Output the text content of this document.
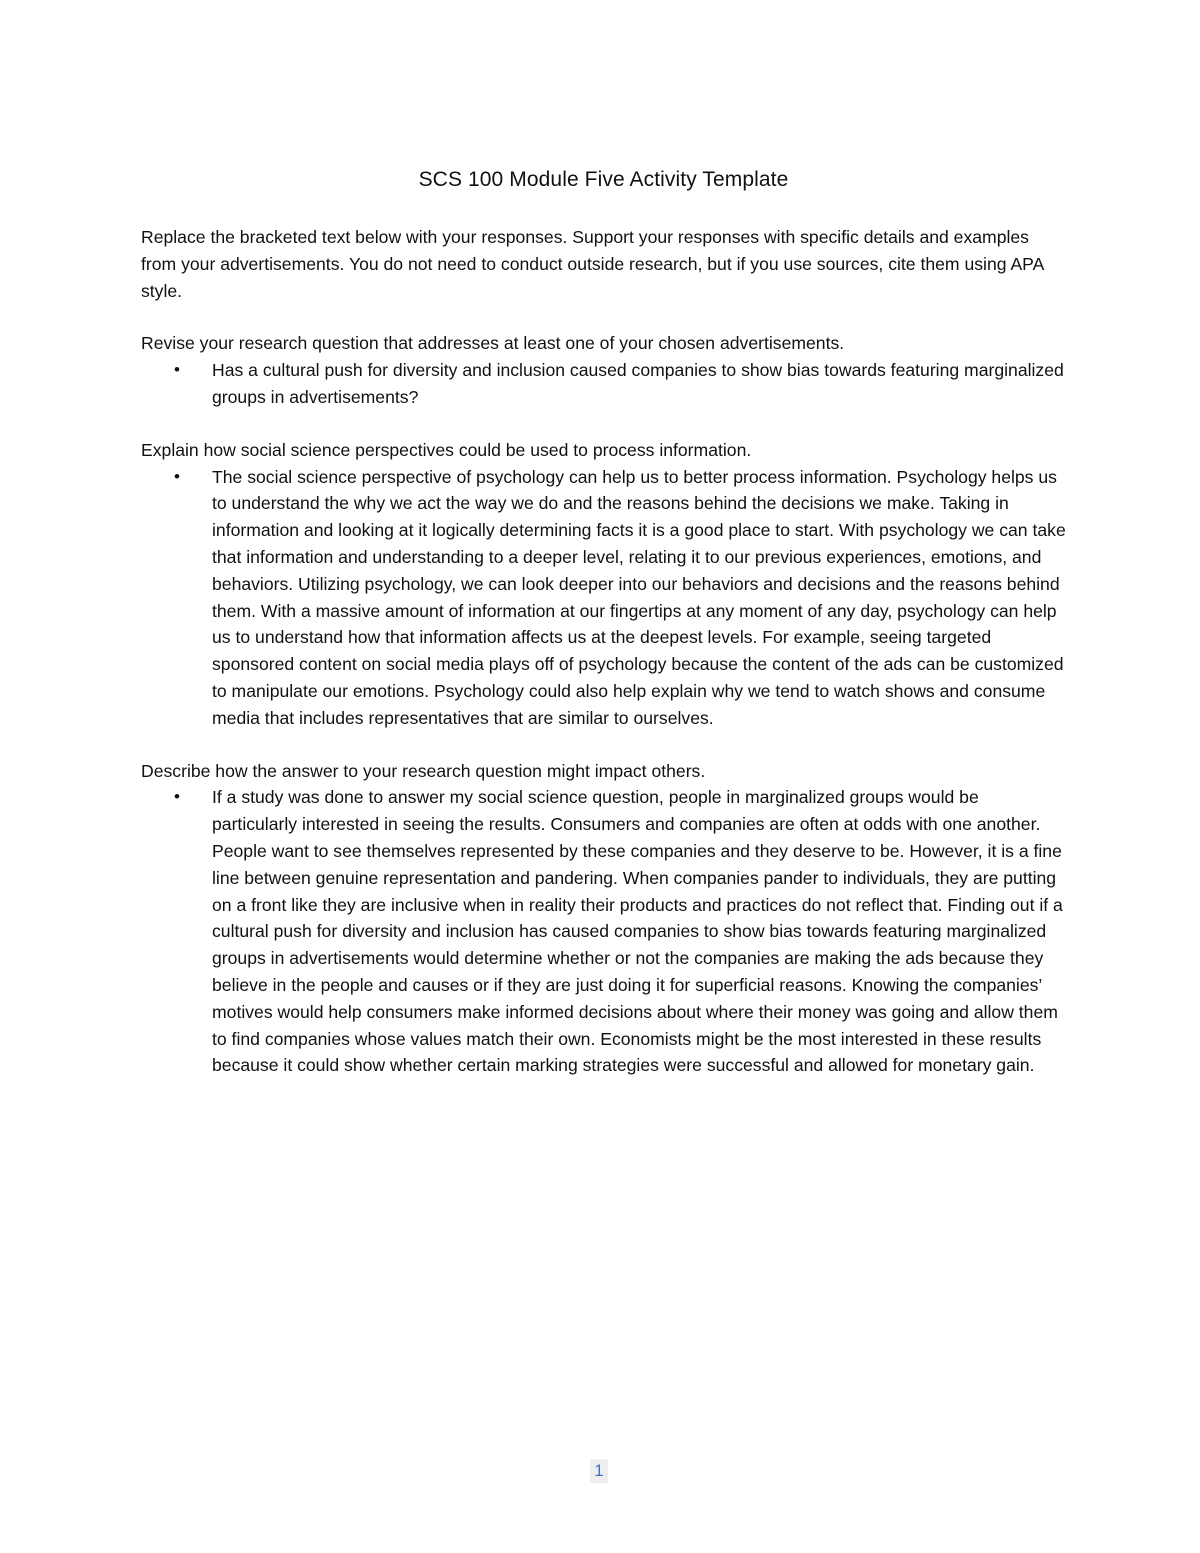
SCS 100 Module Five Activity Template

Replace the bracketed text below with your responses. Support your responses with specific details and examples from your advertisements. You do not need to conduct outside research, but if you use sources, cite them using APA style.

Revise your research question that addresses at least one of your chosen advertisements.

• Has a cultural push for diversity and inclusion caused companies to show bias towards featuring marginalized groups in advertisements?

Explain how social science perspectives could be used to process information.

• The social science perspective of psychology can help us to better process information. Psychology helps us to understand the why we act the way we do and the reasons behind the decisions we make. Taking in information and looking at it logically determining facts it is a good place to start. With psychology we can take that information and understanding to a deeper level, relating it to our previous experiences, emotions, and behaviors. Utilizing psychology, we can look deeper into our behaviors and decisions and the reasons behind them. With a massive amount of information at our fingertips at any moment of any day, psychology can help us to understand how that information affects us at the deepest levels. For example, seeing targeted sponsored content on social media plays off of psychology because the content of the ads can be customized to manipulate our emotions. Psychology could also help explain why we tend to watch shows and consume media that includes representatives that are similar to ourselves.

Describe how the answer to your research question might impact others.

• If a study was done to answer my social science question, people in marginalized groups would be particularly interested in seeing the results. Consumers and companies are often at odds with one another. People want to see themselves represented by these companies and they deserve to be. However, it is a fine line between genuine representation and pandering. When companies pander to individuals, they are putting on a front like they are inclusive when in reality their products and practices do not reflect that. Finding out if a cultural push for diversity and inclusion has caused companies to show bias towards featuring marginalized groups in advertisements would determine whether or not the companies are making the ads because they believe in the people and causes or if they are just doing it for superficial reasons. Knowing the companies’ motives would help consumers make informed decisions about where their money was going and allow them to find companies whose values match their own. Economists might be the most interested in these results because it could show whether certain marking strategies were successful and allowed for monetary gain.
1
